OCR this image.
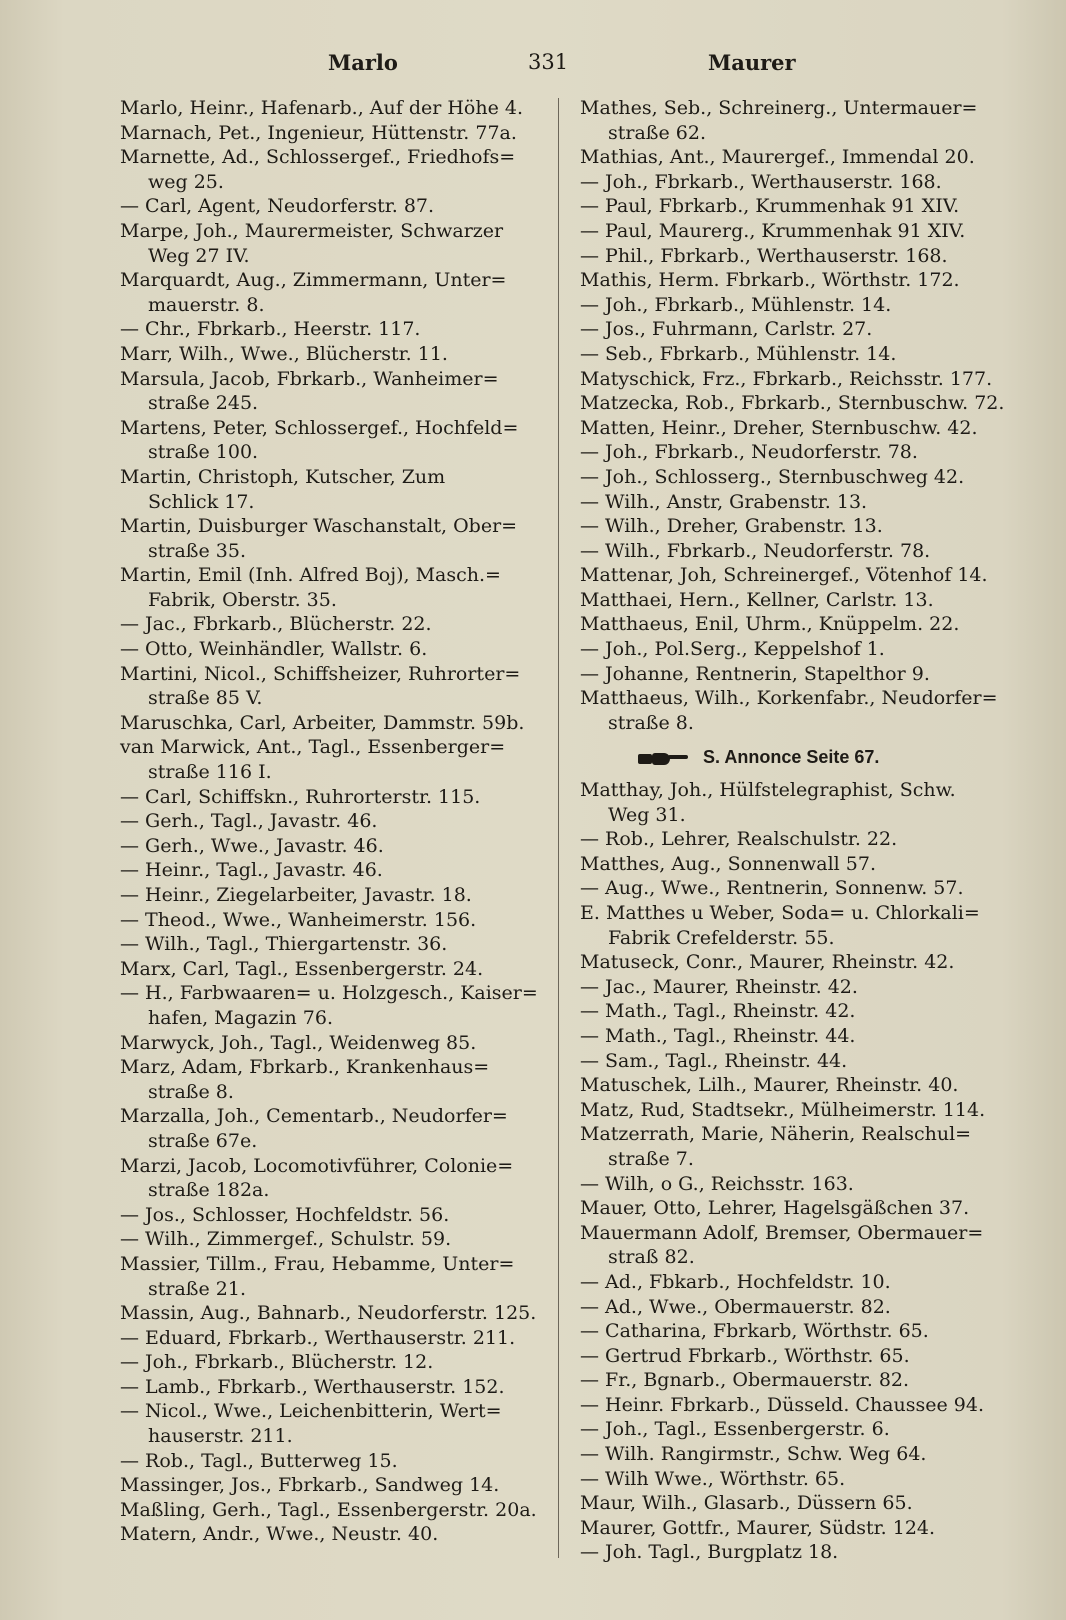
Marlo	331	Maurer
Marlo, Heinr., Hafenarb., Auf der Höhe 4.
Marnach, Pet., Ingenieur, Hüttenstr. 77a.
Marnette, Ad., Schlossergef., Friedhofs=
weg 25.
— Carl, Agent, Neudorferstr. 87.
Marpe, Joh., Maurermeister, Schwarzer
Weg 27 IV.
Marquardt, Aug., Zimmermann, Unter=
mauerstr. 8.
— Chr., Fbrkarb., Heerstr. 117.
Marr, Wilh., Wwe., Blücherstr. 11.
Marsula, Jacob, Fbrkarb., Wanheimer=
straße 245.
Martens, Peter, Schlossergef., Hochfeld=
straße 100.
Martin, Christoph, Kutscher, Zum
Schlick 17.
Martin, Duisburger Waschanstalt, Ober=
straße 35.
Martin, Emil (Inh. Alfred Boj), Masch.=
Fabrik, Oberstr. 35.
— Jac., Fbrkarb., Blücherstr. 22.
— Otto, Weinhändler, Wallstr. 6.
Martini, Nicol., Schiffsheizer, Ruhrorter=
straße 85 V.
Maruschka, Carl, Arbeiter, Dammstr. 59b.
van Marwick, Ant., Tagl., Essenberger=
straße 116 I.
— Carl, Schiffskn., Ruhrorterstr. 115.
— Gerh., Tagl., Javastr. 46.
— Gerh., Wwe., Javastr. 46.
— Heinr., Tagl., Javastr. 46.
— Heinr., Ziegelarbeiter, Javastr. 18.
— Theod., Wwe., Wanheimerstr. 156.
— Wilh., Tagl., Thiergartenstr. 36.
Marx, Carl, Tagl., Essenbergerstr. 24.
— H., Farbwaaren= u. Holzgesch., Kaiser=
hafen, Magazin 76.
Marwyck, Joh., Tagl., Weidenweg 85.
Marz, Adam, Fbrkarb., Krankenhaus=
straße 8.
Marzalla, Joh., Cementarb., Neudorfer=
straße 67e.
Marzi, Jacob, Locomotivführer, Colonie=
straße 182a.
— Jos., Schlosser, Hochfeldstr. 56.
— Wilh., Zimmergef., Schulstr. 59.
Massier, Tillm., Frau, Hebamme, Unter=
straße 21.
Massin, Aug., Bahnarb., Neudorferstr. 125.
— Eduard, Fbrkarb., Werthauserstr. 211.
— Joh., Fbrkarb., Blücherstr. 12.
— Lamb., Fbrkarb., Werthauserstr. 152.
— Nicol., Wwe., Leichenbitterin, Wert=
hauserstr. 211.
— Rob., Tagl., Butterweg 15.
Massinger, Jos., Fbrkarb., Sandweg 14.
Maßling, Gerh., Tagl., Essenbergerstr. 20a.
Matern, Andr., Wwe., Neustr. 40.
Mathes, Seb., Schreinerg., Untermauer=
straße 62.
Mathias, Ant., Maurergef., Immendal 20.
— Joh., Fbrkarb., Werthauserstr. 168.
— Paul, Fbrkarb., Krummenhak 91 XIV.
— Paul, Maurerg., Krummenhak 91 XIV.
— Phil., Fbrkarb., Werthauserstr. 168.
Mathis, Herm. Fbrkarb., Wörthstr. 172.
— Joh., Fbrkarb., Mühlenstr. 14.
— Jos., Fuhrmann, Carlstr. 27.
— Seb., Fbrkarb., Mühlenstr. 14.
Matyschick, Frz., Fbrkarb., Reichsstr. 177.
Matzecka, Rob., Fbrkarb., Sternbuschw. 72.
Matten, Heinr., Dreher, Sternbuschw. 42.
— Joh., Fbrkarb., Neudorferstr. 78.
— Joh., Schlosserg., Sternbuschweg 42.
— Wilh., Anstr, Grabenstr. 13.
— Wilh., Dreher, Grabenstr. 13.
— Wilh., Fbrkarb., Neudorferstr. 78.
Mattenar, Joh, Schreinergef., Vötenhof 14.
Matthaei, Hern., Kellner, Carlstr. 13.
Matthaeus, Enil, Uhrm., Knüppelm. 22.
— Joh., Pol.Serg., Keppelshof 1.
— Johanne, Rentnerin, Stapelthor 9.
Matthaeus, Wilh., Korkenfabr., Neudorfer=
straße 8.
S. Annonce Seite 67.
Matthay, Joh., Hülfstelegraphist, Schw.
Weg 31.
— Rob., Lehrer, Realschulstr. 22.
Matthes, Aug., Sonnenwall 57.
— Aug., Wwe., Rentnerin, Sonnenw. 57.
E. Matthes u Weber, Soda= u. Chlorkali=
Fabrik Crefelderstr. 55.
Matuseck, Conr., Maurer, Rheinstr. 42.
— Jac., Maurer, Rheinstr. 42.
— Math., Tagl., Rheinstr. 42.
— Math., Tagl., Rheinstr. 44.
— Sam., Tagl., Rheinstr. 44.
Matuschek, Lilh., Maurer, Rheinstr. 40.
Matz, Rud, Stadtsekr., Mülheimerstr. 114.
Matzerrath, Marie, Näherin, Realschul=
straße 7.
— Wilh, o G., Reichsstr. 163.
Mauer, Otto, Lehrer, Hagelsgäßchen 37.
Mauermann Adolf, Bremser, Obermauer=
straß 82.
— Ad., Fbkarb., Hochfeldstr. 10.
— Ad., Wwe., Obermauerstr. 82.
— Catharina, Fbrkarb, Wörthstr. 65.
— Gertrud Fbrkarb., Wörthstr. 65.
— Fr., Bgnarb., Obermauerstr. 82.
— Heinr. Fbrkarb., Düsseld. Chaussee 94.
— Joh., Tagl., Essenbergerstr. 6.
— Wilh. Rangirmstr., Schw. Weg 64.
— Wilh Wwe., Wörthstr. 65.
Maur, Wilh., Glasarb., Düssern 65.
Maurer, Gottfr., Maurer, Südstr. 124.
— Joh. Tagl., Burgplatz 18.
